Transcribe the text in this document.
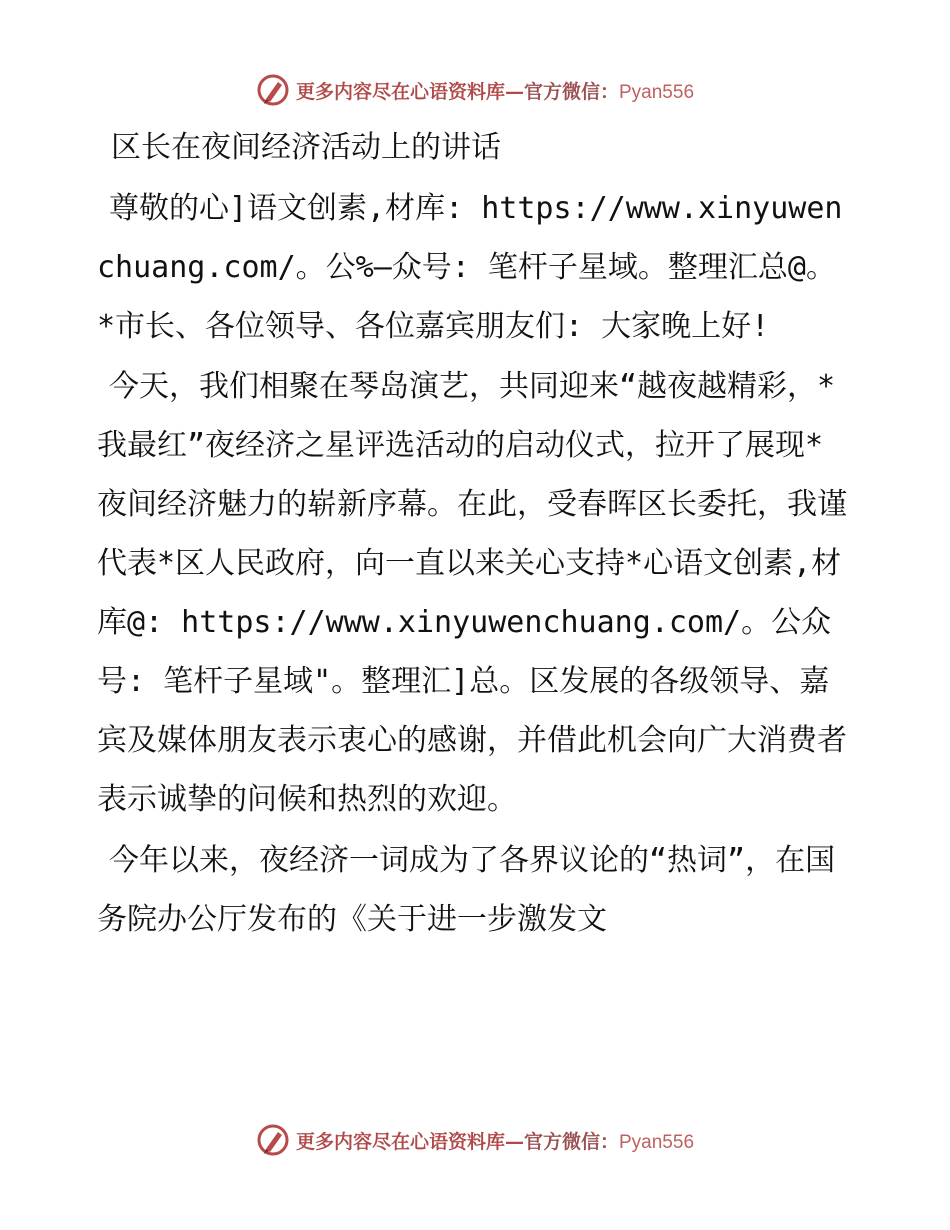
更多内容尽在心语资料库—官方微信：Pyan556
区长在夜间经济活动上的讲话

尊敬的心]语文创素,材库: https://www.xinyuwenchuang.com/。公%—众号: 笔杆子星域。整理汇总@。*市长、各位领导、各位嘉宾朋友们: 大家晚上好!

今天，我们相聚在琴岛演艺，共同迎来“越夜越精彩，*我最红”夜经济之星评选活动的启动仪式，拉开了展现*夜间经济魅力的崭新序幕。在此，受春晖区长委托，我谨代表*区人民政府，向一直以来关心支持*心语文创素,材库@: https://www.xinyuwenchuang.com/。公众号: 笔杆子星域"。整理汇]总。区发展的各级领导、嘉宾及媒体朋友表示衷心的感谢，并借此机会向广大消费者表示诚挚的问候和热烈的欢迎。

今年以来，夜经济一词成为了各界议论的“热词”，在国务院办公厅发布的《关于进一步激发文

更多内容尽在心语资料库—官方微信：Pyan556
